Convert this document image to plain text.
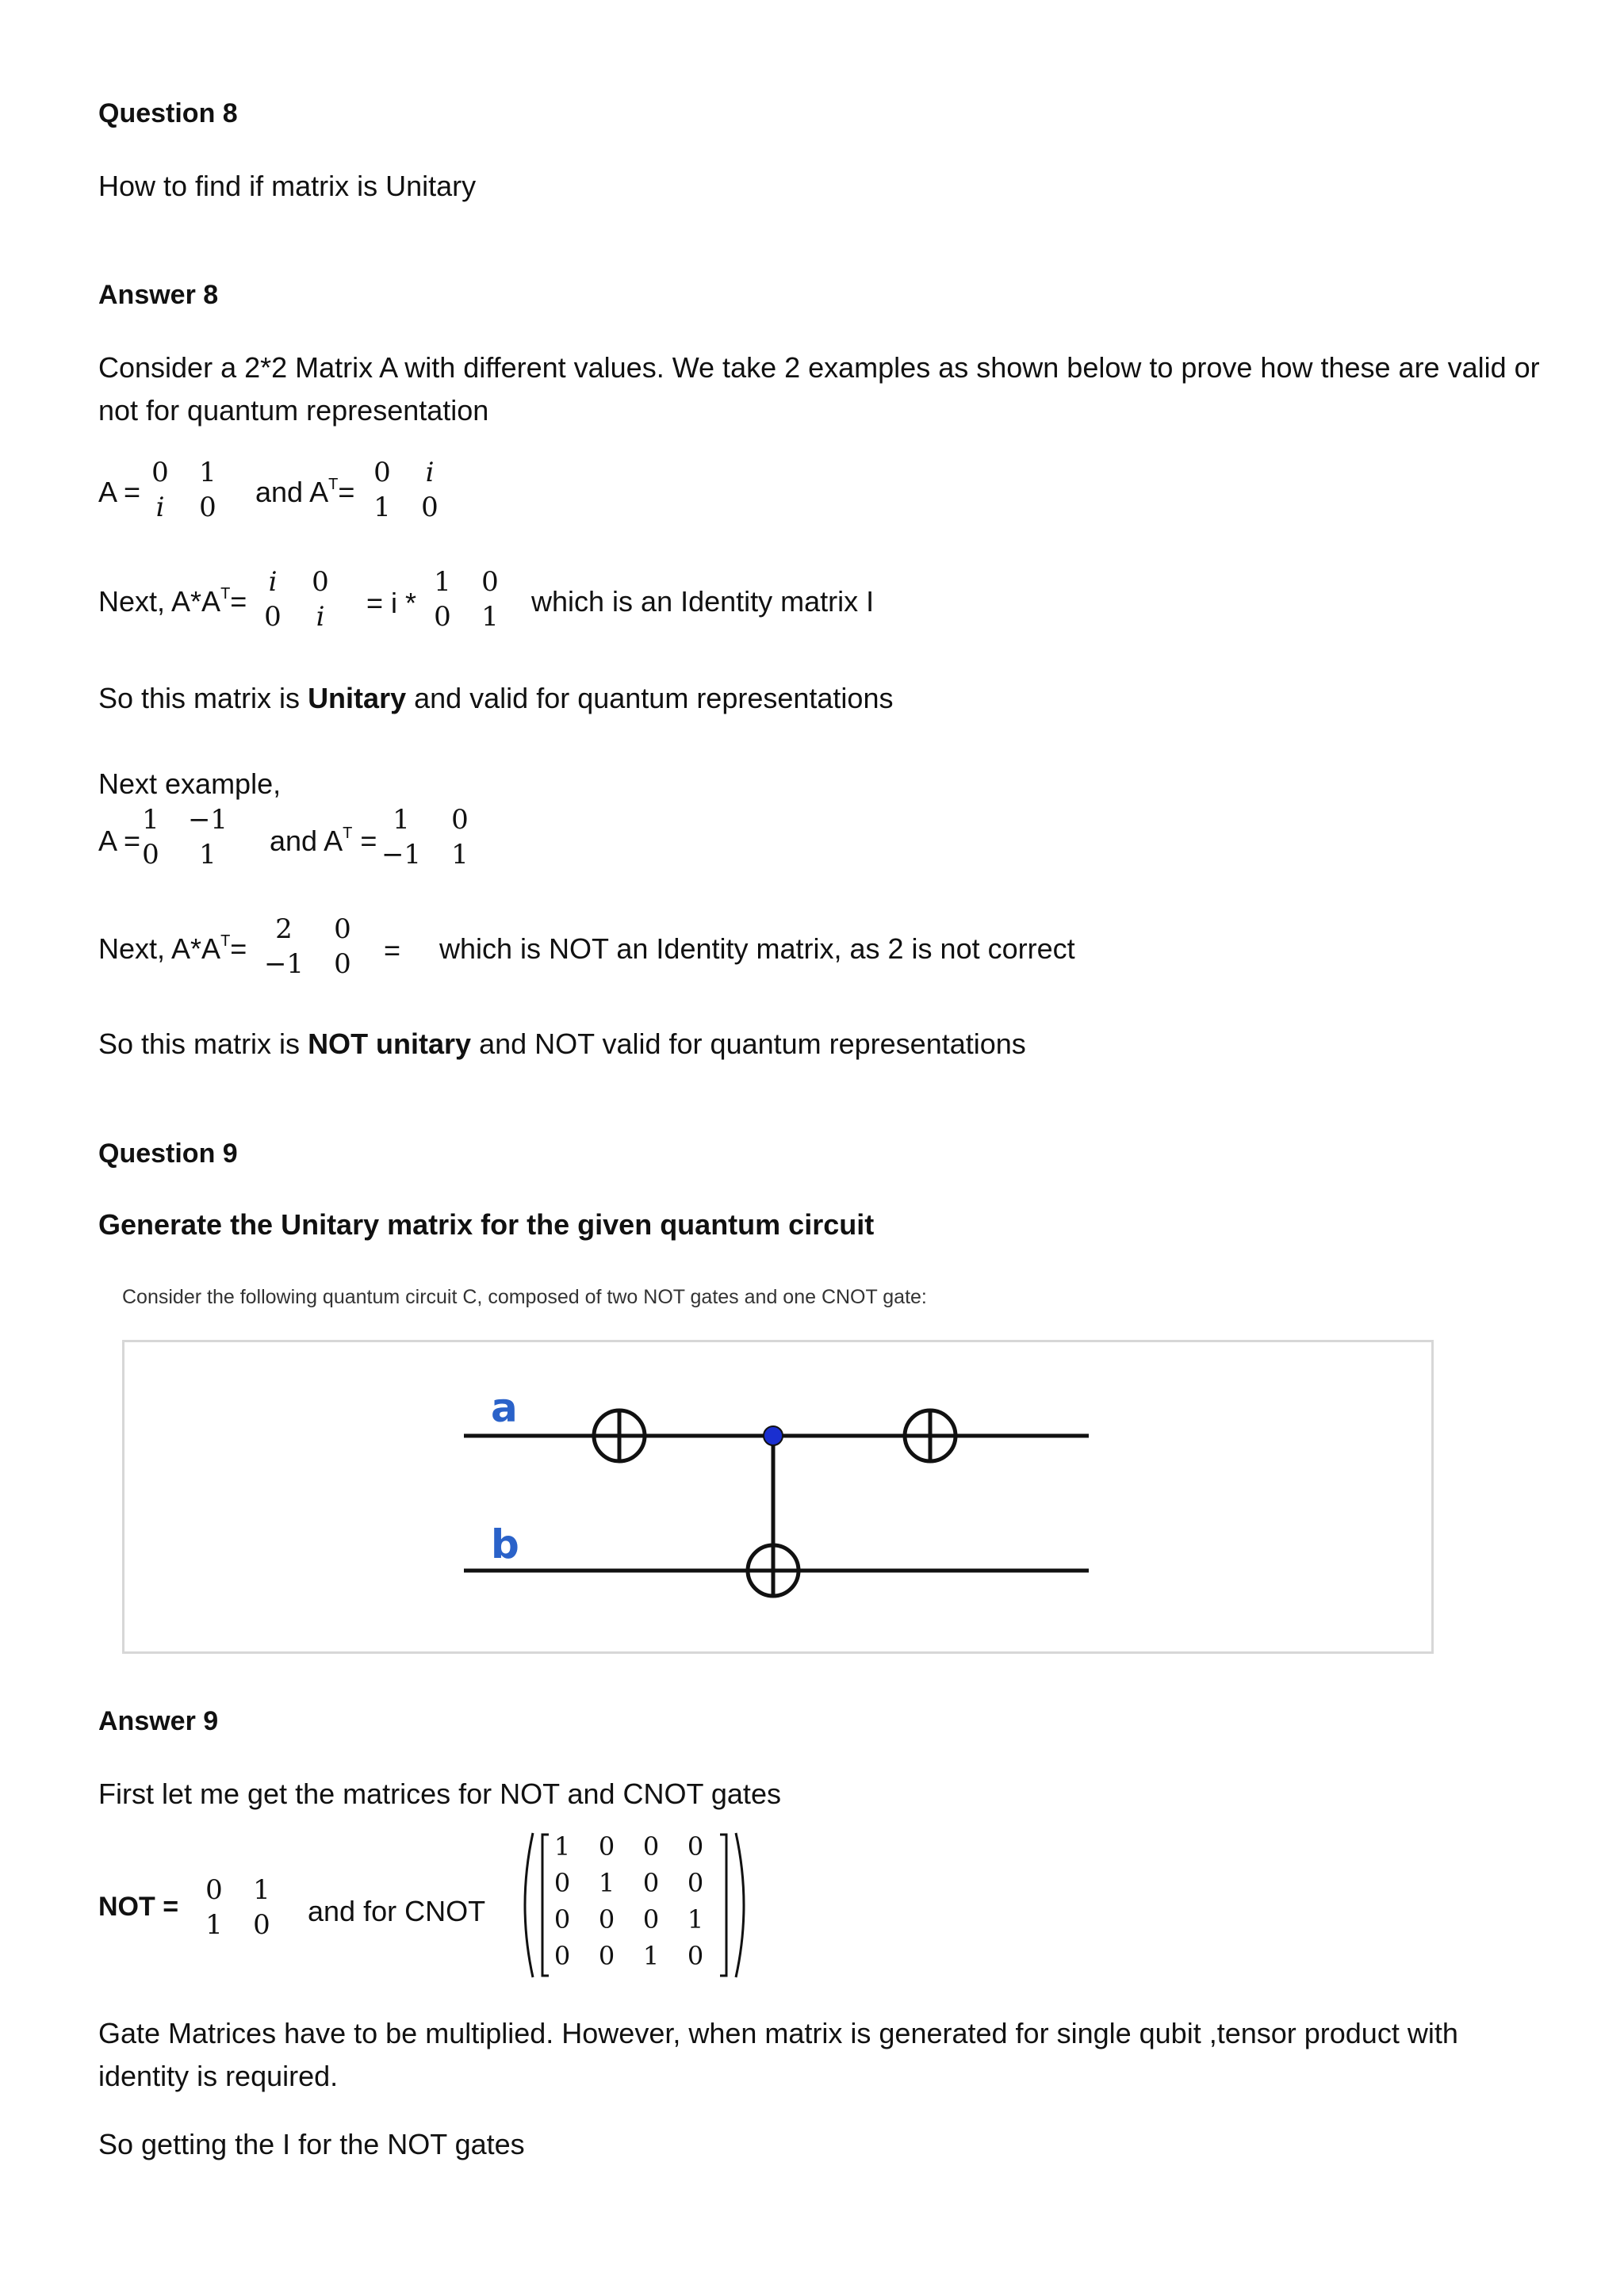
Question 8
How to find if matrix is Unitary
Answer 8
Consider a 2*2 Matrix A with different values. We take 2 examples as shown below to prove how these are valid or
not for quantum representation
A =
0	1
i	0	and $A^T=$
0	i
1	0
Next, $A*A^T=$
i	0
0	i	= i *
1	0
0	1	which is an Identity matrix I
So this matrix is Unitary and valid for quantum representations
Next example,
A =
1	−1
0	1	and $A^T$ =
1	0
−1	1
Next, $A*A^T=$
2	0
−1	0	= which is NOT an Identity matrix, as 2 is not correct
So this matrix is NOT unitary and NOT valid for quantum representations
Question 9
Generate the Unitary matrix for the given quantum circuit
Consider the following quantum circuit C, composed of two NOT gates and one CNOT gate:
a
b
Answer 9
First let me get the matrices for NOT and CNOT gates
NOT =
0	1
1	0	and for CNOT
1	0	0	0
0	1	0	0
0	0	0	1
0	0	1	0
Gate Matrices have to be multiplied. However, when matrix is generated for single qubit ,tensor product with
identity is required.
So getting the I for the NOT gates
